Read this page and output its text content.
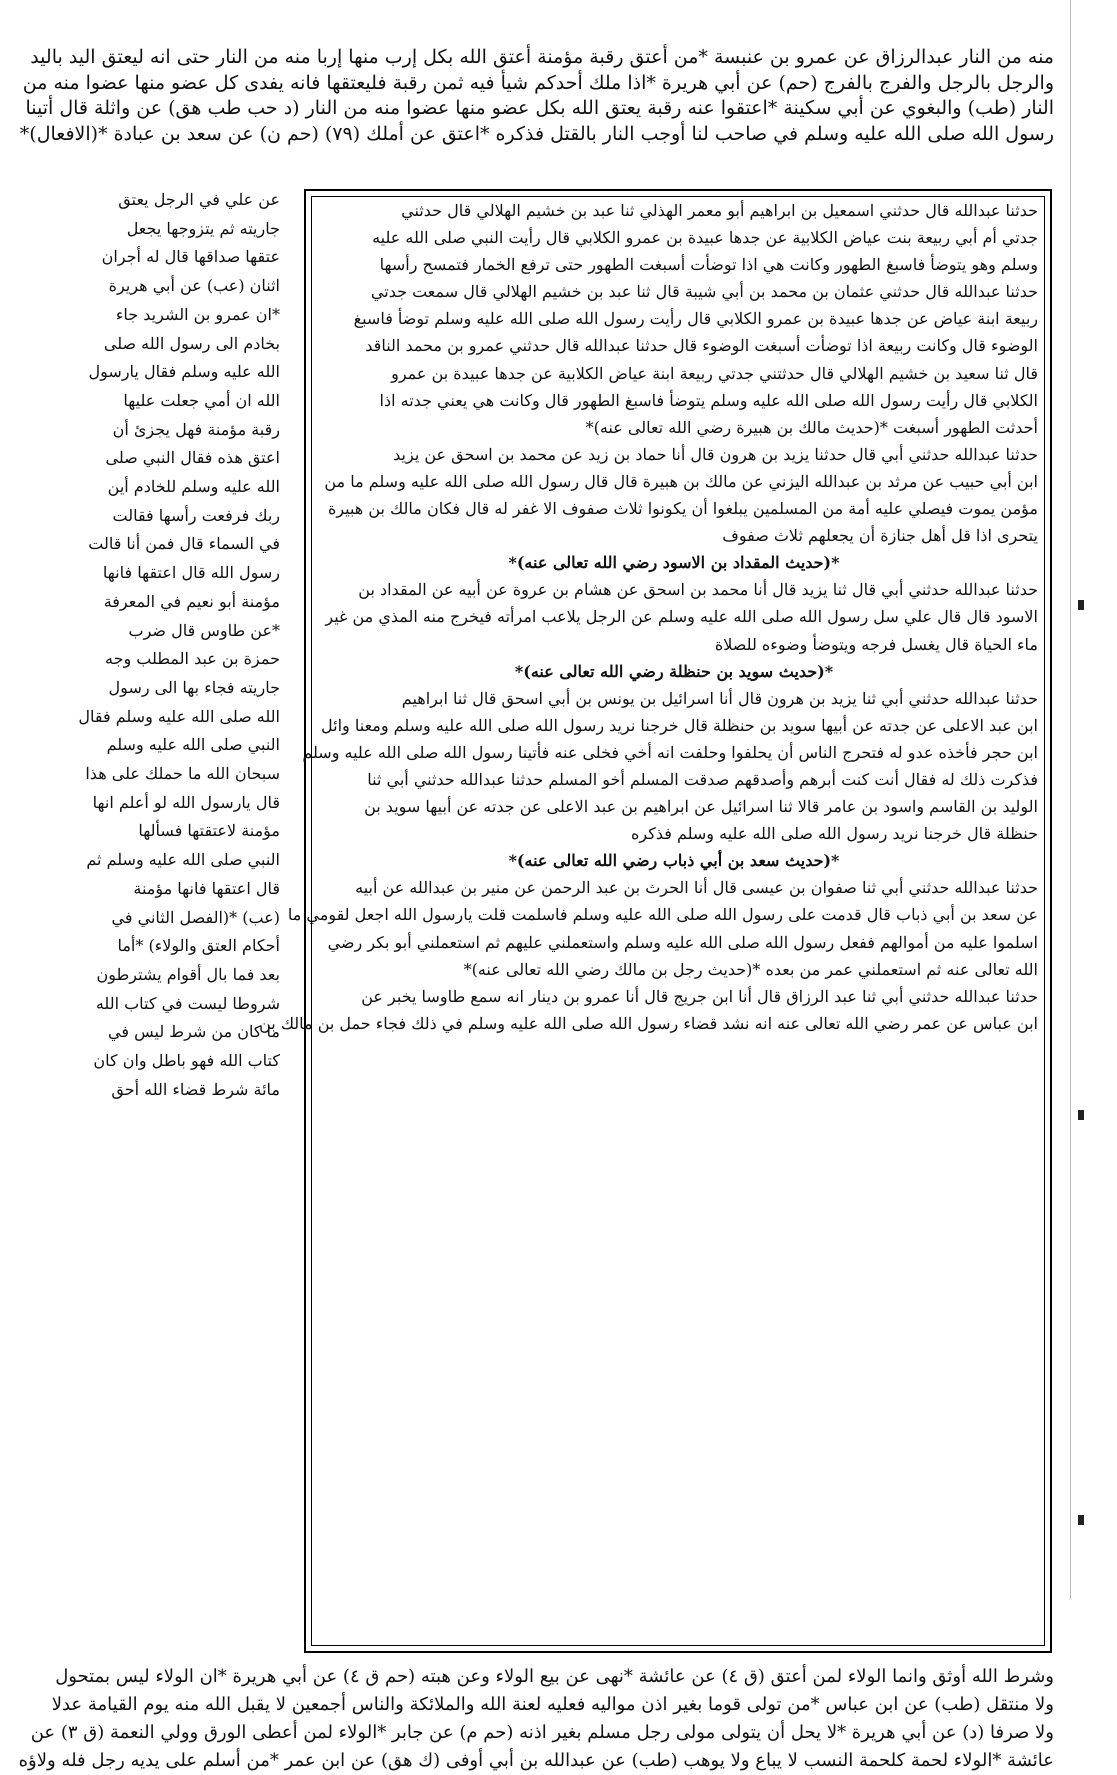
منه من النار عبدالرزاق عن عمرو بن عنبسة *من أعتق رقبة مؤمنة أعتق الله بكل إرب منها إربا منه من النار حتى انه ليعتق اليد باليد
والرجل بالرجل والفرج بالفرج (حم) عن أبي هريرة *اذا ملك أحدكم شيأ فيه ثمن رقبة فليعتقها فانه يفدى كل عضو منها عضوا منه من
النار (طب) والبغوي عن أبي سكينة *اعتقوا عنه رقبة يعتق الله بكل عضو منها عضوا منه من النار (د حب طب هق) عن واثلة قال أتينا
رسول الله صلى الله عليه وسلم في صاحب لنا أوجب النار بالقتل فذكره *اعتق عن أملك (٧٩) (حم ن) عن سعد بن عبادة *(الافعال)*
عن علي في الرجل يعتق
جاريته ثم يتزوجها يجعل
عتقها صداقها قال له أجران
اثنان (عب) عن أبي هريرة
*ان عمرو بن الشريد جاء
بخادم الى رسول الله صلى
الله عليه وسلم فقال يارسول
الله ان أمي جعلت عليها
رقبة مؤمنة فهل يجزئ أن
اعتق هذه فقال النبي صلى
الله عليه وسلم للخادم أين
ربك فرفعت رأسها فقالت
في السماء قال فمن أنا قالت
رسول الله قال اعتقها فانها
مؤمنة أبو نعيم في المعرفة
*عن طاوس قال ضرب
حمزة بن عبد المطلب وجه
جاريته فجاء بها الى رسول
الله صلى الله عليه وسلم فقال
النبي صلى الله عليه وسلم
سبحان الله ما حملك على هذا
قال يارسول الله لو أعلم انها
مؤمنة لاعتقتها فسألها
النبي صلى الله عليه وسلم ثم
قال اعتقها فانها مؤمنة
(عب) *(الفصل الثاني في
أحكام العتق والولاء) *أما
بعد فما بال أقوام يشترطون
شروطا ليست في كتاب الله
ما كان من شرط ليس في
كتاب الله فهو باطل وان كان
مائة شرط قضاء الله أحق
حدثنا عبدالله قال حدثني اسمعيل بن ابراهيم أبو معمر الهذلي ثنا عبد بن خشيم الهلالي قال حدثني
جدتي أم أبي ربيعة بنت عياض الكلابية عن جدها عبيدة بن عمرو الكلابي قال رأيت النبي صلى الله عليه
وسلم وهو يتوضأ فاسبغ الطهور وكانت هي اذا توضأت أسبغت الطهور حتى ترفع الخمار فتمسح رأسها
حدثنا عبدالله قال حدثني عثمان بن محمد بن أبي شيبة قال ثنا عبد بن خشيم الهلالي قال سمعت جدتي
ربيعة ابنة عياض عن جدها عبيدة بن عمرو الكلابي قال رأيت رسول الله صلى الله عليه وسلم توضأ فاسبغ
الوضوء قال وكانت ربيعة اذا توضأت أسبغت الوضوء قال حدثنا عبدالله قال حدثني عمرو بن محمد الناقد
قال ثنا سعيد بن خشيم الهلالي قال حدثتني جدتي ربيعة ابنة عياض الكلابية عن جدها عبيدة بن عمرو
الكلابي قال رأيت رسول الله صلى الله عليه وسلم يتوضأ فاسبغ الطهور قال وكانت هي يعني جدته اذا
أحدثت الطهور أسبغت *(حديث مالك بن هبيرة رضي الله تعالى عنه)*
حدثنا عبدالله حدثني أبي قال حدثنا يزيد بن هرون قال أنا حماد بن زيد عن محمد بن اسحق عن يزيد
ابن أبي حبيب عن مرثد بن عبدالله اليزني عن مالك بن هبيرة قال قال رسول الله صلى الله عليه وسلم ما من
مؤمن يموت فيصلي عليه أمة من المسلمين يبلغوا أن يكونوا ثلاث صفوف الا غفر له قال فكان مالك بن هبيرة
يتحرى اذا قل أهل جنازة أن يجعلهم ثلاث صفوف
*(حديث المقداد بن الاسود رضي الله تعالى عنه)*
حدثنا عبدالله حدثني أبي قال ثنا يزيد قال أنا محمد بن اسحق عن هشام بن عروة عن أبيه عن المقداد بن
الاسود قال قال علي سل رسول الله صلى الله عليه وسلم عن الرجل يلاعب امرأته فيخرج منه المذي من غير
ماء الحياة قال يغسل فرجه ويتوضأ وضوءه للصلاة
*(حديث سويد بن حنظلة رضي الله تعالى عنه)*
حدثنا عبدالله حدثني أبي ثنا يزيد بن هرون قال أنا اسرائيل بن يونس بن أبي اسحق قال ثنا ابراهيم
ابن عبد الاعلى عن جدته عن أبيها سويد بن حنظلة قال خرجنا نريد رسول الله صلى الله عليه وسلم ومعنا وائل
ابن حجر فأخذه عدو له فتحرج الناس أن يحلفوا وحلفت انه أخي فخلى عنه فأتينا رسول الله صلى الله عليه وسلم
فذكرت ذلك له فقال أنت كنت أبرهم وأصدقهم صدقت المسلم أخو المسلم حدثنا عبدالله حدثني أبي ثنا
الوليد بن القاسم واسود بن عامر قالا ثنا اسرائيل عن ابراهيم بن عبد الاعلى عن جدته عن أبيها سويد بن
حنظلة قال خرجنا نريد رسول الله صلى الله عليه وسلم فذكره
*(حديث سعد بن أبي ذباب رضي الله تعالى عنه)*
حدثنا عبدالله حدثني أبي ثنا صفوان بن عيسى قال أنا الحرث بن عبد الرحمن عن منير بن عبدالله عن أبيه
عن سعد بن أبي ذباب قال قدمت على رسول الله صلى الله عليه وسلم فاسلمت قلت يارسول الله اجعل لقومي ما
اسلموا عليه من أموالهم ففعل رسول الله صلى الله عليه وسلم واستعملني عليهم ثم استعملني أبو بكر رضي
الله تعالى عنه ثم استعملني عمر من بعده *(حديث رجل بن مالك رضي الله تعالى عنه)*
حدثنا عبدالله حدثني أبي ثنا عبد الرزاق قال أنا ابن جريج قال أنا عمرو بن دينار انه سمع طاوسا يخبر عن
ابن عباس عن عمر رضي الله تعالى عنه انه نشد قضاء رسول الله صلى الله عليه وسلم في ذلك فجاء حمل بن مالك بن
وشرط الله أوثق وانما الولاء لمن أعتق (ق ٤) عن عائشة *نهى عن بيع الولاء وعن هبته (حم ق ٤) عن أبي هريرة *ان الولاء ليس بمتحول
ولا منتقل (طب) عن ابن عباس *من تولى قوما بغير اذن مواليه فعليه لعنة الله والملائكة والناس أجمعين لا يقبل الله منه يوم القيامة عدلا
ولا صرفا (د) عن أبي هريرة *لا يحل أن يتولى مولى رجل مسلم بغير اذنه (حم م) عن جابر *الولاء لمن أعطى الورق وولي النعمة (ق ٣) عن
عائشة *الولاء لحمة كلحمة النسب لا يباع ولا يوهب (طب) عن عبدالله بن أبي أوفى (ك هق) عن ابن عمر *من أسلم على يديه رجل فله ولاؤه
